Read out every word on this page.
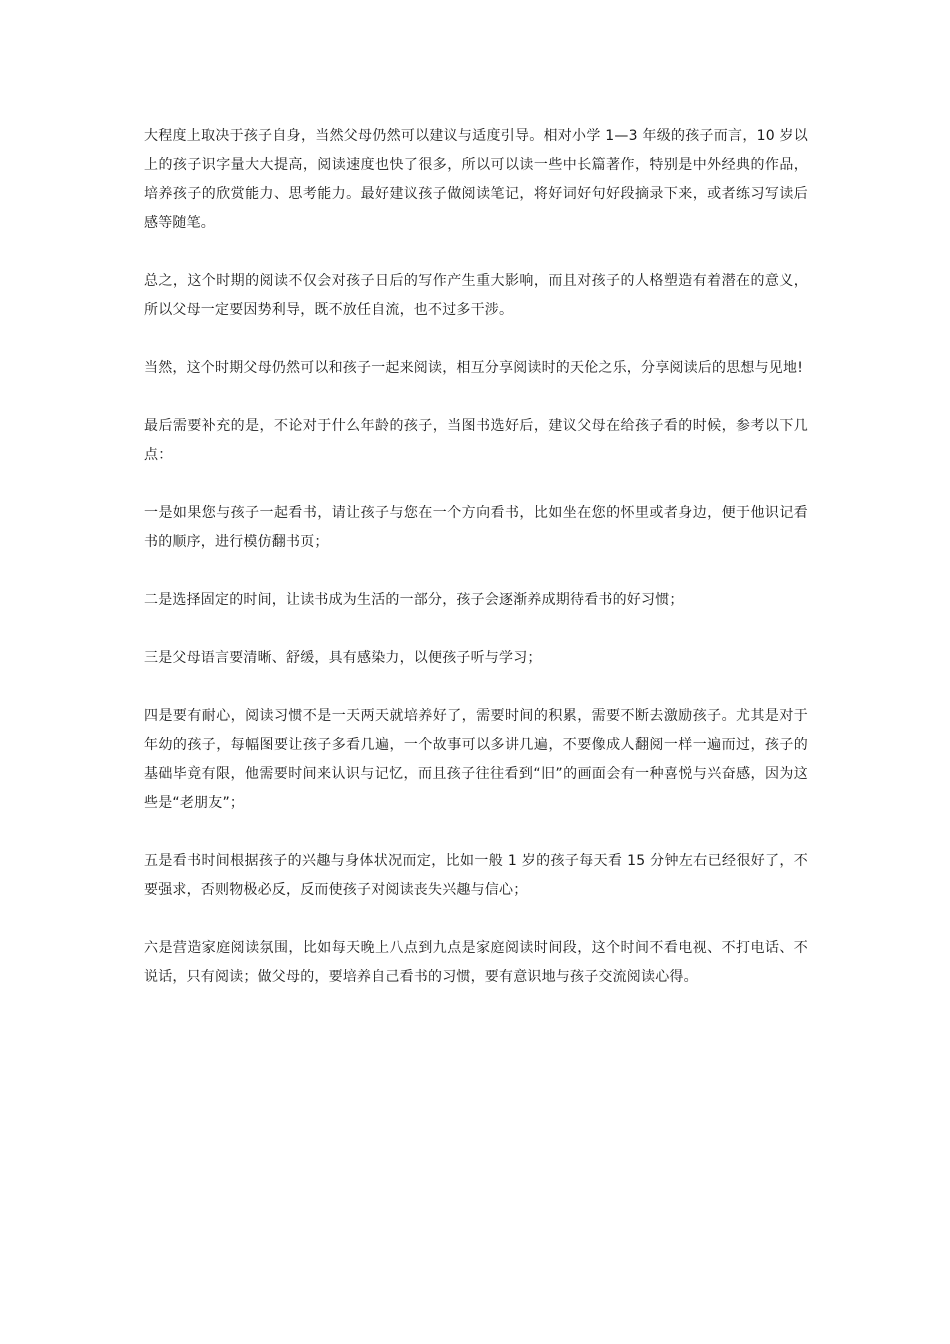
大程度上取决于孩子自身，当然父母仍然可以建议与适度引导。相对小学 1—3 年级的孩子而言，10 岁以上的孩子识字量大大提高，阅读速度也快了很多，所以可以读一些中长篇著作，特别是中外经典的作品，培养孩子的欣赏能力、思考能力。最好建议孩子做阅读笔记，将好词好句好段摘录下来，或者练习写读后感等随笔。

总之，这个时期的阅读不仅会对孩子日后的写作产生重大影响，而且对孩子的人格塑造有着潜在的意义，所以父母一定要因势利导，既不放任自流，也不过多干涉。

当然，这个时期父母仍然可以和孩子一起来阅读，相互分享阅读时的天伦之乐，分享阅读后的思想与见地!

最后需要补充的是，不论对于什么年龄的孩子，当图书选好后，建议父母在给孩子看的时候，参考以下几点：

一是如果您与孩子一起看书，请让孩子与您在一个方向看书，比如坐在您的怀里或者身边，便于他识记看书的顺序，进行模仿翻书页；

二是选择固定的时间，让读书成为生活的一部分，孩子会逐渐养成期待看书的好习惯；

三是父母语言要清晰、舒缓，具有感染力，以便孩子听与学习；

四是要有耐心，阅读习惯不是一天两天就培养好了，需要时间的积累，需要不断去激励孩子。尤其是对于年幼的孩子，每幅图要让孩子多看几遍，一个故事可以多讲几遍，不要像成人翻阅一样一遍而过，孩子的基础毕竟有限，他需要时间来认识与记忆，而且孩子往往看到“旧”的画面会有一种喜悦与兴奋感，因为这些是“老朋友”；

五是看书时间根据孩子的兴趣与身体状况而定，比如一般 1 岁的孩子每天看 15 分钟左右已经很好了，不要强求，否则物极必反，反而使孩子对阅读丧失兴趣与信心；

六是营造家庭阅读氛围，比如每天晚上八点到九点是家庭阅读时间段，这个时间不看电视、不打电话、不说话，只有阅读；做父母的，要培养自己看书的习惯，要有意识地与孩子交流阅读心得。
